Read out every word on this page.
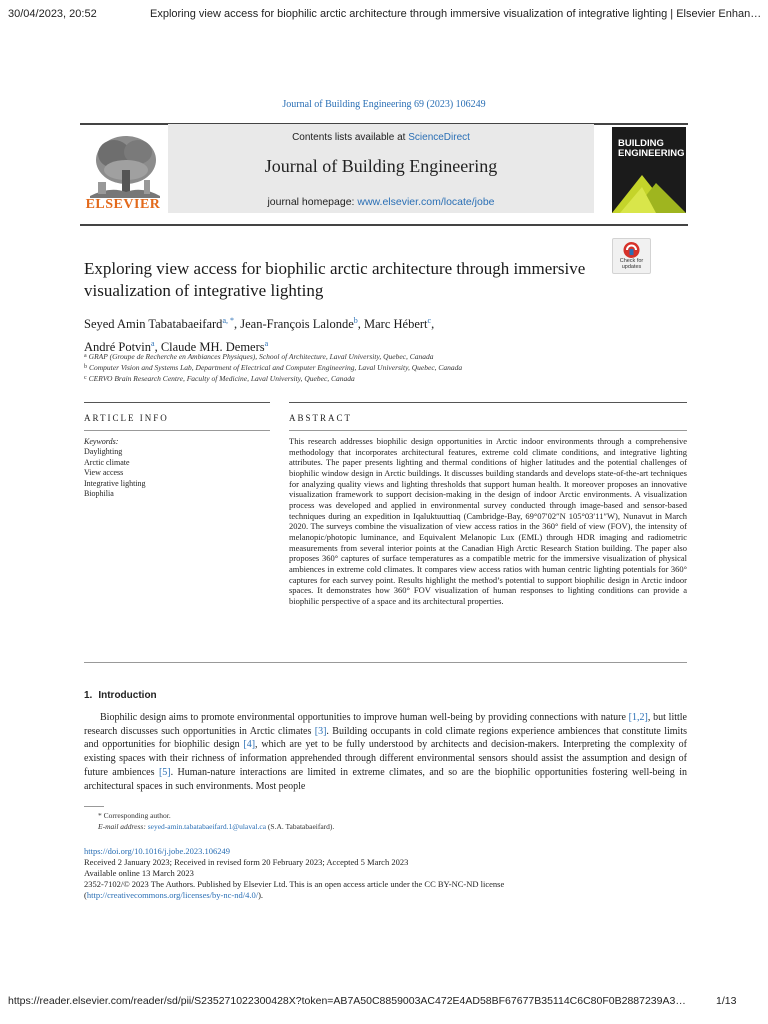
30/04/2023, 20:52	Exploring view access for biophilic arctic architecture through immersive visualization of integrative lighting | Elsevier Enhan…
Journal of Building Engineering 69 (2023) 106249
Contents lists available at ScienceDirect
Journal of Building Engineering
journal homepage: www.elsevier.com/locate/jobe
ELSEVIER
BUILDING
ENGINEERING
Check for
updates
Exploring view access for biophilic arctic architecture through immersive visualization of integrative lighting
Seyed Amin Tabatabaeifard$^{a, *}$, Jean-François Lalonde$^b$, Marc Hébert$^c$,
André Potvin$^a$, Claude MH. Demers$^a$
$^a$ GRAP (Groupe de Recherche en Ambiances Physiques), School of Architecture, Laval University, Quebec, Canada
$^b$ Computer Vision and Systems Lab, Department of Electrical and Computer Engineering, Laval University, Quebec, Canada
$^c$ CERVO Brain Research Centre, Faculty of Medicine, Laval University, Quebec, Canada
ARTICLE INFO	ABSTRACT
Keywords:
Daylighting
Arctic climate
View access
Integrative lighting
Biophilia
This research addresses biophilic design opportunities in Arctic indoor environments through a comprehensive methodology that incorporates architectural features, extreme cold climate conditions, and integrative lighting attributes. The paper presents lighting and thermal conditions of higher latitudes and the potential challenges of biophilic window design in Arctic buildings. It discusses building standards and develops state-of-the-art techniques for analyzing quality views and lighting thresholds that support human health. It moreover proposes an innovative visualization framework to support decision-making in the design of indoor Arctic environments. A visualization process was developed and applied in environmental survey conducted through image-based and sensor-based techniques during an expedition in Iqaluktuuttiaq (Cambridge-Bay, 69°07′02″N 105°03′11″W), Nunavut in March 2020. The surveys combine the visualization of view access ratios in the 360° field of view (FOV), the intensity of melanopic/photopic luminance, and Equivalent Melanopic Lux (EML) through HDR imaging and radiometric measurements from several interior points at the Canadian High Arctic Research Station building. The paper also proposes 360° captures of surface temperatures as a compatible metric for the immersive visualization of physical ambiences in extreme cold climates. It compares view access ratios with human centric lighting potentials for 360° captures for each survey point. Results highlight the method’s potential to support biophilic design in Arctic indoor spaces. It demonstrates how 360° FOV visualization of human responses to lighting conditions can provide a biophilic perspective of a space and its architectural properties.
1. Introduction
Biophilic design aims to promote environmental opportunities to improve human well-being by providing connections with nature [1,2], but little research discusses such opportunities in Arctic climates [3]. Building occupants in cold climate regions experience ambiences that constitute limits and opportunities for biophilic design [4], which are yet to be fully understood by architects and decision-makers. Interpreting the complexity of existing spaces with their richness of information apprehended through different environmental sensors should assist the assumption and design of future ambiences [5]. Human-nature interactions are limited in extreme climates, and so are the biophilic opportunities fostering well-being in architectural spaces in such environments. Most people
* Corresponding author.
E-mail address: seyed-amin.tabatabaeifard.1@ulaval.ca (S.A. Tabatabaeifard).
https://doi.org/10.1016/j.jobe.2023.106249
Received 2 January 2023; Received in revised form 20 February 2023; Accepted 5 March 2023
Available online 13 March 2023
2352-7102/© 2023 The Authors. Published by Elsevier Ltd. This is an open access article under the CC BY-NC-ND license
(http://creativecommons.org/licenses/by-nc-nd/4.0/).
https://reader.elsevier.com/reader/sd/pii/S235271022300428X?token=AB7A50C8859003AC472E4AD58BF67677B35114C6C80F0B2887239A3…	1/13
